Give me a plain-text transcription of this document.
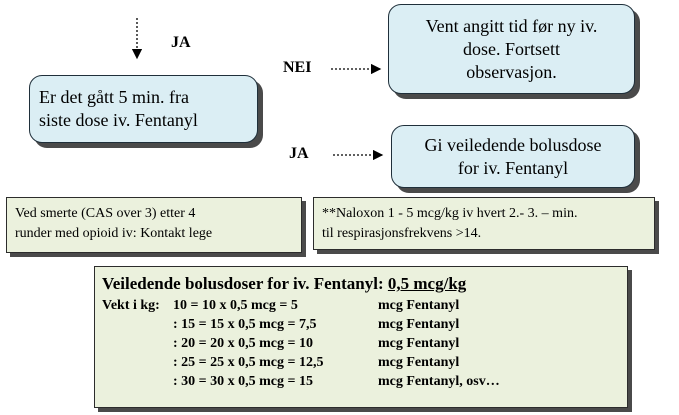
JA
NEI
JA
Er det gått 5 min. fra
siste dose iv. Fentanyl
Vent angitt tid før ny iv.
dose. Fortsett
observasjon.
Gi veiledende bolusdose
for iv. Fentanyl
Ved smerte (CAS over 3) etter 4
runder med opioid iv: Kontakt lege
**Naloxon 1 - 5 mcg/kg iv hvert 2.- 3. – min.
til respirasjonsfrekvens >14.
Veiledende bolusdoser for iv. Fentanyl: 0,5 mcg/kg
Vekt i kg: 10 = 10 x 0,5 mcg = 5	mcg Fentanyl
: 15 = 15 x 0,5 mcg = 7,5	mcg Fentanyl
: 20 = 20 x 0,5 mcg = 10	mcg Fentanyl
: 25 = 25 x 0,5 mcg = 12,5	mcg Fentanyl
: 30 = 30 x 0,5 mcg = 15	mcg Fentanyl, osv…
